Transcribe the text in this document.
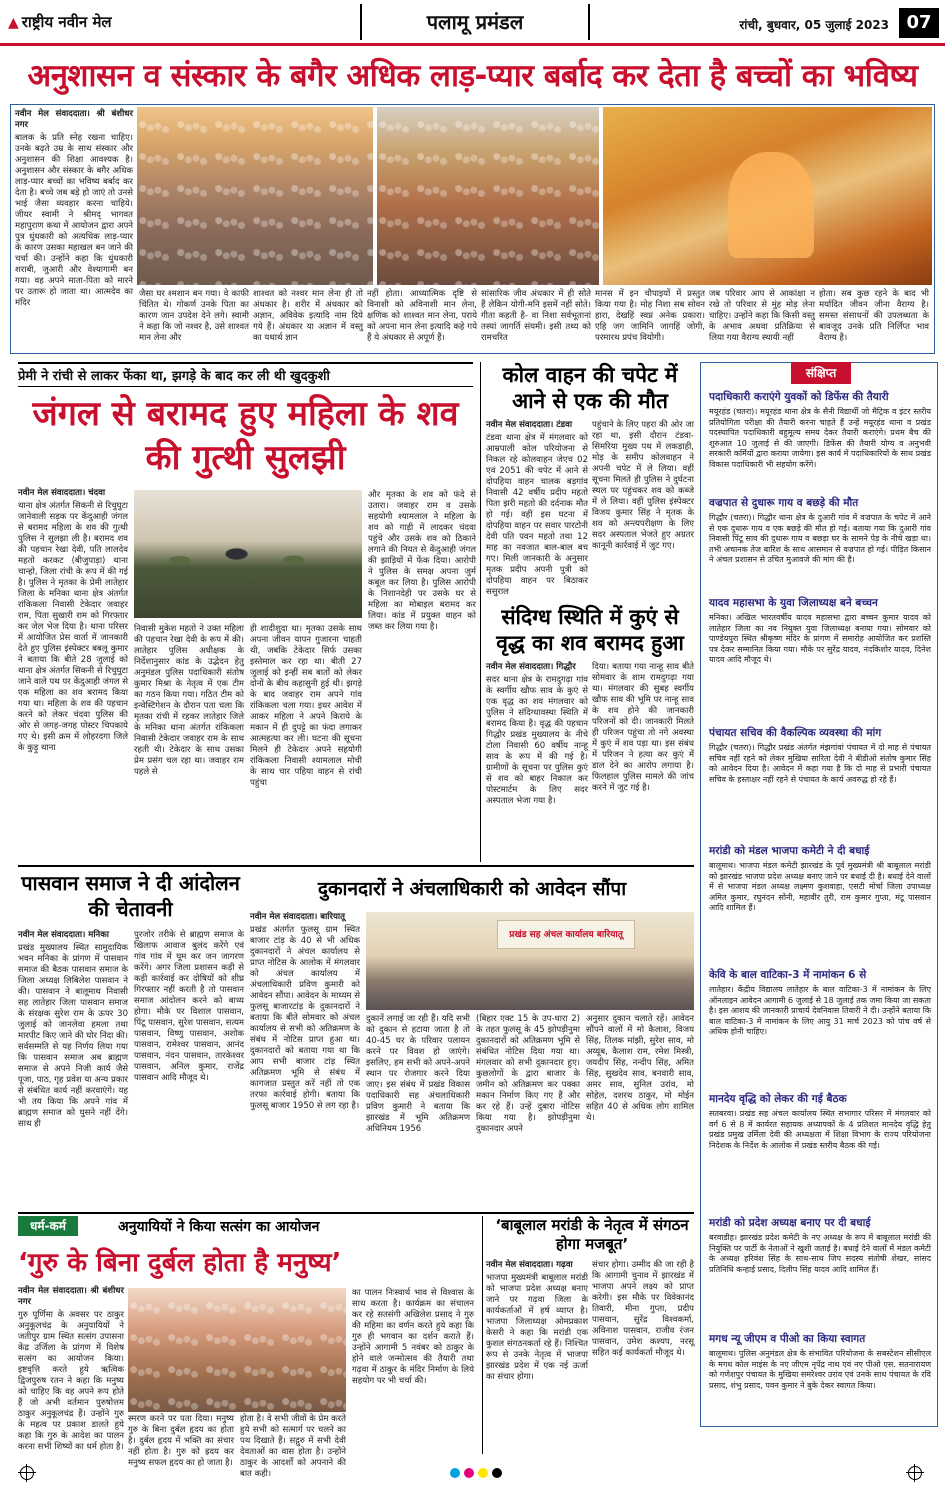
▲ राष्ट्रीय नवीन मेल	पलामू प्रमंडल	रांची, बुधवार, 05 जुलाई 2023 07
अनुशासन व संस्कार के बगैर अधिक लाड़-प्यार बर्बाद कर देता है बच्चों का भविष्य
नवीन मेल संवाददाता। श्री बंशीधर नगर
बालक के प्रति स्नेह रखना चाहिए। उनके बढ़ते उम्र के साथ संस्कार और अनुशासन की शिक्षा आवश्यक है। अनुशासन और संस्कार के बगैर अधिक लाड़-प्यार बच्चों का भविष्य बर्बाद कर देता है। बच्चे जब बड़े हो जाएं तो उनसे भाई जैसा व्यवहार करना चाहिये। जीयर स्वामी ने श्रीमद् भागवत महापुराण कथा में आयोजन द्वारा अपने पुत्र धुंधकारी को अत्यधिक लाड़-प्यार के कारण उसका महाखल बन जाने की चर्चा की। उन्होंने कहा कि धुंधकारी शराबी, जुआरी और वेश्यागामी बन गया। वह अपने माता-पिता को मारने पर उतारू हो जाता था। आत्मदेव का मंदिर
जैसा घर श्मशान बन गया। वे काफी चिंतित थे। गोकर्ण उनके पिता का कारण जान उपदेश देने लगे। स्वामी ने कहा कि जो नश्वर है, उसे शाश्वत मान लेना और
शाश्वत को नश्वर मान लेना ही तो अंधकार है। शरीर में अंधकार को अज्ञान, अविवेक इत्यादि नाम दिये गये हैं। अंधकार या अज्ञान में वस्तु का यथार्थ ज्ञान
नहीं होता। आध्यात्मिक दृष्टि से विनाशी को अविनाशी मान लेना, क्षणिक को शाश्वत मान लेना, पराये को अपना मान लेना इत्यादि कहे गये हैं ये अंधकार से अपूर्ण हैं।
सांसारिक जीव अंधकार में ही सोते हैं लेकिन योगी-मनि इसमें नहीं सोते। गीता कहती है- वा निशा सर्वभूतानां तस्यां जागर्ति संयमी। इसी तथ्य को रामचरित
मानस में इन चौपाइयों में प्रस्तुत किया गया है। मोह निशा सब सोवन हारा, देखहिं स्वप्न अनेक प्रकारा। एहि जग जामिनि जागहिं जोगी, परमारथ प्रपंच वियोगी।
जब परिवार आप से आकांक्षा न रखे तो परिवार से मुंह मोड़ लेना चाहिए। उन्होंने कहा कि किसी वस्तु के अभाव अथवा प्रतिक्रिया से लिया गया वैराग्य स्थायी नहीं
होता। सब कुछ रहने के बाद भी मर्यादित जीवन जीना वैराग्य है। समस्त संसाधनों की उपलब्धता के बावजूद उनके प्रति निर्लिप्त भाव वैराग्य है।
प्रेमी ने रांची से लाकर फेंका था, झगड़े के बाद कर ली थी खुदकुशी
जंगल से बरामद हुए महिला के शव की गुत्थी सुलझी
नवीन मेल संवाददाता। चंदवा
थाना क्षेत्र अंतर्गत सिकनी से रिचुघुटा जानेवाली सड़क पर केंदुआही जंगल से बरामद महिला के शव की गुत्थी पुलिस ने सुलझा ली है। बरामद शव की पहचान रेखा देवी, पति लालदेव महतो करकट (बीजुपाड़ा) थाना चान्हो, जिला रांची के रूप में की गई है। पुलिस ने मृतका के प्रेमी लातेहार जिला के मनिका थाना क्षेत्र अंतर्गत रांकिकला निवासी टेकेदार जवाहर राम, पिता सुखारी राम को गिरफ्तार कर जेल भेज दिया है। थाना परिसर में आयोजित प्रेस वार्ता में जानकारी देते हुए पुलिस इंस्पेक्टर बबलू कुमार ने बताया कि बीते 28 जुलाई को थाना क्षेत्र अंतर्गत सिकनी से रिचुघुटा जाने वाले पथ पर केंदुआही जंगल से एक महिला का शव बरामद किया गया था। महिला के शव की पहचान करने को लेकर चंदवा पुलिस की ओर से जगह-जगह पोस्टर चिपकाये गए थे। इसी क्रम में लोहरदगा जिले के कुड़ु थाना
निवासी मुकेश महतो ने उक्त महिला की पहचान रेखा देवी के रूप में की। लातेहार पुलिस अधीक्षक के निर्देशानुसार कांड के उद्भेदन हेतु अनुमंडल पुलिस पदाधिकारी संतोष कुमार मिश्रा के नेतृत्व में एक टीम का गठन किया गया। गठित टीम को इन्वेस्टिगेशन के दौरान पता चला कि मृतका रांची में रहकर लातेहार जिले के मनिका थाना अंतर्गत रांकिकला निवासी टेकेदार जवाहर राम के साथ रहती थी। टेकेदार के साथ उसका प्रेम प्रसंग चल रहा था। जवाहर राम पहले से
ही शादीशुदा था। मृतका उसके साथ अपना जीवन यापन गुजारना चाहती थी, जबकि टेकेदार सिर्फ उसका इस्तेमाल कर रहा था। बीती 27 जुलाई को इन्हीं सब बातों को लेकर दोनों के बीच कहासुनी हुई थी। झगड़े के बाद जवाहर राम अपने गांव रांकिकला चला गया। इधर आवेश में आकर महिला ने अपने किराये के मकान में ही दुपट्टे का फंदा लगाकर आत्महत्या कर ली। घटना की सूचना मिलने ही टेकेदार अपने सहयोगी रांकिकला निवासी श्यामलाल मोची के साथ चार पहिया वाहन से रांची पहुंचा
और मृतका के शव को फंदे से उतारा। जवाहर राम व उसके सहयोगी श्यामलाल ने महिला के शव को गाड़ी में लादकर चंदवा पहुंचे और उसके शव को ठिकाने लगाने की नियत से केंदुआही जंगल की झाड़ियों में फेंक दिया। आरोपी ने पुलिस के समक्ष अपना जुर्म कबूल कर लिया है। पुलिस आरोपी के निशानदेही पर उसके घर से महिला का मोबाइल बरामद कर लिया। कांड में प्रयुक्त वाहन को जब्त कर लिया गया है।
कोल वाहन की चपेट में आने से एक की मौत
नवीन मेल संवाददाता। टंडवा
टंडवा थाना क्षेत्र में मंगलवार को आम्रपाली कोल परियोजना से निकल रहे कोलवाहन जेएच 02 एवं 2051 की चपेट में आने से दोपहिया वाहन चालक बड़गांव निवासी 42 वर्षीय प्रदीप महतो पिता झरी महतो की दर्दनाक मौत हो गई। वहीं इस घटना में दोपहिया वाहन पर सवार पारटोनी देवी पति पवन महतो तथा 12 माह का नवजात बाल-बाल बच गए। मिली जानकारी के अनुसार मृतक प्रदीप अपनी पुत्री को दोपहिया वाहन पर बिठाकर ससुराल
पहुंचाने के लिए पहरा की ओर जा रहा था, इसी दौरान टंडवा-सिमरिया मुख्य पथ में लकड़ाही, मोड़ के समीप कोलवाहन ने अपनी चपेट में ले लिया। वहीं सूचना मिलते ही पुलिस ने दुर्घटना स्थल पर पहुंचकर शव को कब्जे में ले लिया। वहीं पुलिस इंस्पेक्टर विजय कुमार सिंह ने मृतक के शव को अन्त्यपरीक्षण के लिए सदर अस्पताल भेजते हुए अग्रतर कानूनी कार्रवाई में जुट गए।
संदिग्ध स्थिति में कुएं से वृद्ध का शव बरामद हुआ
नवीन मेल संवाददाता। गिद्धौर
सदर थाना क्षेत्र के रामदुगढ़ा गांव के स्वर्गीय खौफ साव के कुएं से एक वृद्ध का शव मंगलवार को पुलिस ने संदिग्धावस्था स्थिति में बरामद किया है। वृद्ध की पहचान गिद्धौर प्रखंड मुख्यालय के नीचे टोला निवासी 60 वर्षीय नान्हू साव के रूप में की गई है। ग्रामीणों के सूचना पर पुलिस कुएं से शव को बाहर निकाल कर पोस्टमार्टम के लिए सदर अस्पताल भेजा गया है।
दिया। बताया गया नान्हू साव बीते सोमवार के शाम रामदुगढ़ा गया था। मंगलवार की सुबह स्वर्गीय खौफ साव की भूमि पर नान्हू साव के शव होने की जानकारी परिजनों को दी। जानकारी मिलते ही परिजन पहुंचा तो नगे अवस्था में कुएं में शव पड़ा था। इस संबंध में परिजन ने हत्या कर कुएं में डाल देने का आरोप लगाया है। फिलहाल पुलिस मामले की जांच करने में जुट गई है।
पासवान समाज ने दी आंदोलन की चेतावनी
नवीन मेल संवाददाता। मनिका
प्रखंड मुख्यालय स्थित सामुदायिक भवन मनिका के प्रांगण में पासवान समाज की बैठक पासवान समाज के जिला अध्यक्ष लिबिलेश पासवान ने की। पासवान ने बालूमाथ निवासी सह लातेहार जिला पासवान समाज के संरक्षक सुरेश राम के ऊपर 30 जुलाई को जानलेवा हमला तथा मारपीट किए जाने की घोर निंदा की। सर्वसम्मति से यह निर्णय लिया गया कि पासवान समाज अब ब्राह्मण समाज से अपने निजी कार्य जैसे पूजा, पाठ, गृह प्रवेश या अन्य प्रकार से संबंधित कार्य नहीं करवाएंगे। यह भी तय किया कि अपने गांव में ब्राह्मण समाज को घुसने नहीं देंगे। साथ ही
पुरजोर तरीके से ब्राह्मण समाज के खिलाफ आवाज बुलंद करेंगे एवं गांव गांव में घूम कर जन जागरण करेंगे। अगर जिला प्रशासन कड़ी से कड़ी कार्रवाई कर दोषियों को शीघ्र गिरफ्तार नहीं करती है तो पासवान समाज आंदोलन करने को बाध्य होगा। मौके पर विशाल पासवान, पिंटू पासवान, सुरेश पासवान, सत्यम पासवान, विष्णु पासवान, अशोक पासवान, रामेश्वर पासवान, आनंद पासवान, नंदन पासवान, तारकेश्वर पासवान, अनिल कुमार, राजेंद्र पासवान आदि मौजूद थे।
दुकानदारों ने अंचलाधिकारी को आवेदन सौंपा
नवीन मेल संवाददाता। बारियातू
प्रखंड अंतर्गत फुलसू ग्राम स्थित बाजार टांड़ के 40 से भी अधिक दुकानदारों ने अंचल कार्यालय से प्राप्त नोटिस के आलोक में मंगलवार को अंचल कार्यालय में अंचलाधिकारी प्रविण कुमारी को आवेदन सौंपा। आवेदन के माध्यम से फुलसू बाजारटांड़ के दुकानदारों ने बताया कि बीते सोमवार को अंचल कार्यालय से सभी को अतिक्रमण के संबंध में नोटिस प्राप्त हुआ था। दुकानदारों को बताया गया था कि आप सभी बाजार टांड़ स्थित अतिक्रमण भूमि से संबंध में कागजात प्रस्तुत करें नहीं तो एक तरफा कार्रवाई होगी। बताया कि फुलसू बाजार 1950 से लग रहा है।
प्रखंड सह अंचल कार्यालय बारियातू
दुकानें लगाई जा रही हैं। यदि सभी को दुकान से हटाया जाता है तो 40-45 घर के परिवार पलायन करने पर विवश हो जाएंगे। इसलिए, हम सभी को अपने-अपने स्थान पर रोजगार करने दिया जाए। इस संबंध में प्रखंड विकास पदाधिकारी सह अंचलाधिकारी प्रविण कुमारी ने बताया कि झारखंड में भूमि अतिक्रमण अधिनियम 1956
(बिहार एक्ट 15 के उप-धारा 2) के तहत फुलसू के 45 झोपड़ीनुमा दुकानदारों को अतिक्रमण भूमि से संबंधित नोटिस दिया गया था। मंगलवार को सभी दुकानदार हुए। कुछलोगों के द्वारा बाजार के जमीन को अतिक्रमण कर पक्का मकान निर्माण किए गए हैं और कर रहे हैं। उन्हें दुबारा नोटिस किया गया है। झोपड़ीनुमा दुकानदार अपने
अनुसार दुकान चलाते रहें। आवेदन सौंपने वालों में मो कैलाश, विजय सिंह, तिलक मांझी, सुरेश साव, मो अय्यूब, कैलाश राम, रमेश मिस्त्री, जयदीप सिंह, नन्दीप सिंह, अमित सिंह, सुखदेव साव, बनवारी साव, अमर साव, सुनिल उरांव, मो सोहेल, दशरथ ठाकुर, मो मोईन सहित 40 से अधिक लोग शामिल थे।
धर्म-कर्म	अनुयायियों ने किया सत्संग का आयोजन
‘गुरु के बिना दुर्बल होता है मनुष्य’
नवीन मेल संवाददाता। श्री बंशीधर नगर
गुरु पूर्णिमा के अवसर पर ठाकुर अनुकूलचंद्र के अनुयायियों ने जतीपुर ग्राम स्थित सत्संग उपासना केंद्र उर्जिला के प्रांगण में विशेष सत्संग का आयोजन किया। इष्टवृत्ति करते हुये ऋत्विक द्विजपुरुष रतन ने कहा कि मनुष्य को चाहिए कि वह अपने रूप होते हैं जो अभी वर्तमान पुरुषोत्तम ठाकुर अनुकूलचंद्र हैं। उन्होंने गुरु के महत्व पर प्रकाश डालते हुये कहा कि गुरु के आदेश का पालन करना सभी शिष्यों का धर्म होता है।
स्मरण करने पर पता दिया। मनुष्य गुरु के बिना दुर्बल हृदय का होता है। दुर्बल हृदय में भक्ति का संचार नहीं होता है। गुरु को ह्रदय कर मनुष्य सफल हृदय का हो जाता है।
होता है। वे सभी जीवों के प्रेम करते हुये सभी को सत्मार्ग पर चलने का पथ दिखाते हैं। सद्गुरु में सभी देवी देवताओं का वास होता है। उन्होंने ठाकुर के आदर्शों को अपनाने की बात कही।
का पालन निःस्वार्थ भाव से विश्वास के साथ करता है। कार्यक्रम का संचालन कर रहे सतसंगी अखिलेश प्रसाद ने गुरु की महिमा का वर्णन करते हुये कहा कि गुरु ही भगवान का दर्शन कराते हैं। उन्होंने आगामी 5 नवंबर को ठाकुर के होने वाले जन्मोत्सव की तैयारी तथा गढ़वा में ठाकुर के मंदिर निर्माण के लिये सहयोग पर भी चर्चा की।
‘बाबूलाल मरांडी के नेतृत्व में संगठन होगा मजबूत’
नवीन मेल संवाददाता। गढ़वा
भाजपा मुख्यमंत्री बाबूलाल मरांडी को भाजपा प्रदेश अध्यक्ष बनाए जाने पर गढ़वा जिला के कार्यकर्ताओं में हर्ष व्याप्त है। भाजपा जिलाध्यक्ष ओमप्रकाश केसरी ने कहा कि मरांडी एक कुशल संगठनकर्ता रहे हैं। निश्चित रूप से उनके नेतृत्व में भाजपा झारखंड प्रदेश में एक नई ऊर्जा का संचार होगा।
संचार होगा। उम्मीद की जा रही है कि आगामी चुनाव में झारखंड में भाजपा अपने लक्ष्य को प्राप्त करेगी। इस मौके पर विवेकानंद तिवारी, मीना गुप्ता, प्रदीप पासवान, सुरेंद्र विश्वकर्मा, अविनाश पासवान, राजीव रंजन पासवान, उमेश कश्यप, नरसू सहित कई कार्यकर्ता मौजूद थे।
संक्षिप्त
पदाधिकारी कराएंगे युवकों को डिफेंस की तैयारी
मयूरहंड (चतरा)। मयूरहंड थाना क्षेत्र के सैनी विद्यार्थी जो मैट्रिक व इंटर स्तरीय प्रतियोगिता परीक्षा की तैयारी करना चाहते हैं उन्हें मयूरहंड थाना व प्रखंड पदस्थापित पदाधिकारी बहुमूल्य समय देकर तैयारी कराएंगे। प्रथम बैच की शुरुआत 10 जुलाई से की जाएगी। डिफेंस की तैयारी योग्य व अनुभवी सरकारी कर्मियों द्वारा कराया जायेगा। इस कार्य में पदाधिकारियों के साथ प्रखंड विकास पदाधिकारी भी सहयोग करेंगे।
वज्रपात से दुधारू गाय व बछड़े की मौत
गिद्धौर (चतरा)। गिद्धौर थाना क्षेत्र के दुआरी गांव में वज्रपात के चपेट में आने से एक दुधारू गाय व एक बछड़े की मौत हो गई। बताया गया कि दुआरी गांव निवासी पिंटू साव की दुधारू गाय व बछड़ा घर के सामने पेड़ के नीचे खड़ा था। तभी अचानक तेज बारिश के साथ आसमान से वज्रपात हो गई। पीड़ित किसान ने अंचल प्रशासन से उचित मुआवजे की मांग की है।
यादव महासभा के युवा जिलाध्यक्ष बने बच्चन
मनिका। अखिल भारतवर्षीय यादव महासभा द्वारा बच्चन कुमार यादव को लातेहार जिला का नव नियुक्त युवा जिलाध्यक्ष बनाया गया। सोमवार को पाण्डेयपुरा स्थित श्रीकृष्ण मंदिर के प्रांगण में समारोह आयोजित कर प्रशस्ति पत्र देकर सम्मानित किया गया। मौके पर सुरेंद्र यादव, नंदकिशोर यादव, दिनेश यादव आदि मौजूद थे।
पंचायत सचिव की वैकल्पिक व्यवस्था की मांग
गिद्धौर (चतरा)। गिद्धौर प्रखंड अंतर्गत मंझगांवां पंचायत में दो माह से पंचायत सचिव नहीं रहने को लेकर मुखिया सारिता देवी ने बीडीओ संतोष कुमार सिंह को आवेदन दिया है। आवेदन में कहा गया है कि दो माह से प्रभारी पंचायत सचिव के हस्ताक्षर नहीं रहने से पंचायत के कार्य अवरुद्ध हो रहे हैं।
मरांडी को मंडल भाजपा कमेटी ने दी बधाई
बालूमाथ। भाजपा मंडल कमेटी झारखंड के पूर्व मुख्यमंत्री श्री बाबूलाल मरांडी को झारखंड भाजपा प्रदेश अध्यक्ष बनाए जाने पर बधाई दी है। बधाई देने वालों में से भाजपा मंडल अध्यक्ष लक्ष्मण कुशवाहा, एसटी मोर्चा जिला उपाध्यक्ष अमित कुमार, रघुनंदन सोनी, महावीर तुरी, राम कुमार गुप्ता, मंटू पासवान आदि शामिल हैं।
केवि के बाल वाटिका-3 में नामांकन 6 से
लातेहार। केंद्रीय विद्यालय लातेहार के बाल वाटिका-3 में नामांकन के लिए ऑनलाइन आवेदन आगामी 6 जुलाई से 18 जुलाई तक जमा किया जा सकता है। इस आशय की जानकारी प्राचार्य देवनिवास तिवारी ने दी। उन्होंने बताया कि बाल वाटिका-3 में नामांकन के लिए आयु 31 मार्च 2023 को पांच वर्ष से अधिक होनी चाहिए।
मानदेय वृद्धि को लेकर की गई बैठक
सतबरवा। प्रखंड सह अंचल कार्यालय स्थित सभागार परिसर में मंगलवार को वर्ग 6 से 8 में कार्यरत सहायक अध्यापकों के 4 प्रतिशत मानदेय वृद्धि हेतु प्रखंड प्रमुख उर्मिला देवी की अध्यक्षता में शिक्षा विभाग के राज्य परियोजना निदेशक के निर्देश के आलोक में प्रखंड स्तरीय बैठक की गई।
मरांडी को प्रदेश अध्यक्ष बनाए पर दी बधाई
बरवाडीह। झारखंड प्रदेश कमेटी के नए अध्यक्ष के रूप में बाबूलाल मरांडी की नियुक्ति पर पार्टी के नेताओं ने खुशी जताई है। बधाई देने वालों में मंडल कमेटी के अध्यक्ष हरिवंश सिंह के साथ-साथ जिप सदस्य संतोषी शेखर, सांसद प्रतिनिधि कन्हाई प्रसाद, दिलीप सिंह यादव आदि शामिल हैं।
मगध न्यू जीएम व पीओ का किया स्वागत
बालूमाथ। पुलिस अनुमंडल क्षेत्र के संभावित परियोजना के सबस्टेशन सीसीएल के मगध कोल माइंस के नए जीएम नृपेंद्र नाथ एवं नए पीओ एस. सतनारायण को गणेशपुर पंचायत के मुखिया समरेश्वर उरांव एवं उनके साथ पंचायत के रवि प्रसाद, शंभु प्रसाद, पवन कुमार ने बुके देकर स्वागत किया।
